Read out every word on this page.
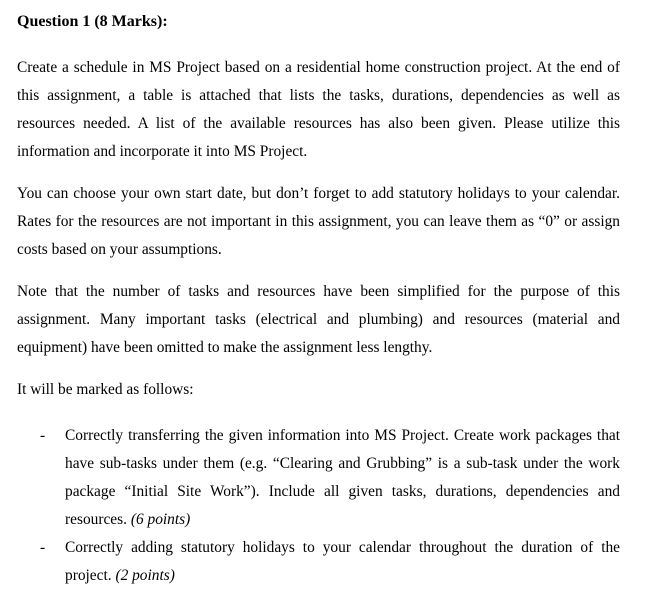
Question 1 (8 Marks):

Create a schedule in MS Project based on a residential home construction project. At the end of this assignment, a table is attached that lists the tasks, durations, dependencies as well as resources needed. A list of the available resources has also been given. Please utilize this information and incorporate it into MS Project.

You can choose your own start date, but don’t forget to add statutory holidays to your calendar. Rates for the resources are not important in this assignment, you can leave them as “0” or assign costs based on your assumptions.

Note that the number of tasks and resources have been simplified for the purpose of this assignment. Many important tasks (electrical and plumbing) and resources (material and equipment) have been omitted to make the assignment less lengthy.

It will be marked as follows:

- Correctly transferring the given information into MS Project. Create work packages that have sub-tasks under them (e.g. “Clearing and Grubbing” is a sub-task under the work package “Initial Site Work”). Include all given tasks, durations, dependencies and resources. (6 points)
- Correctly adding statutory holidays to your calendar throughout the duration of the project. (2 points)
